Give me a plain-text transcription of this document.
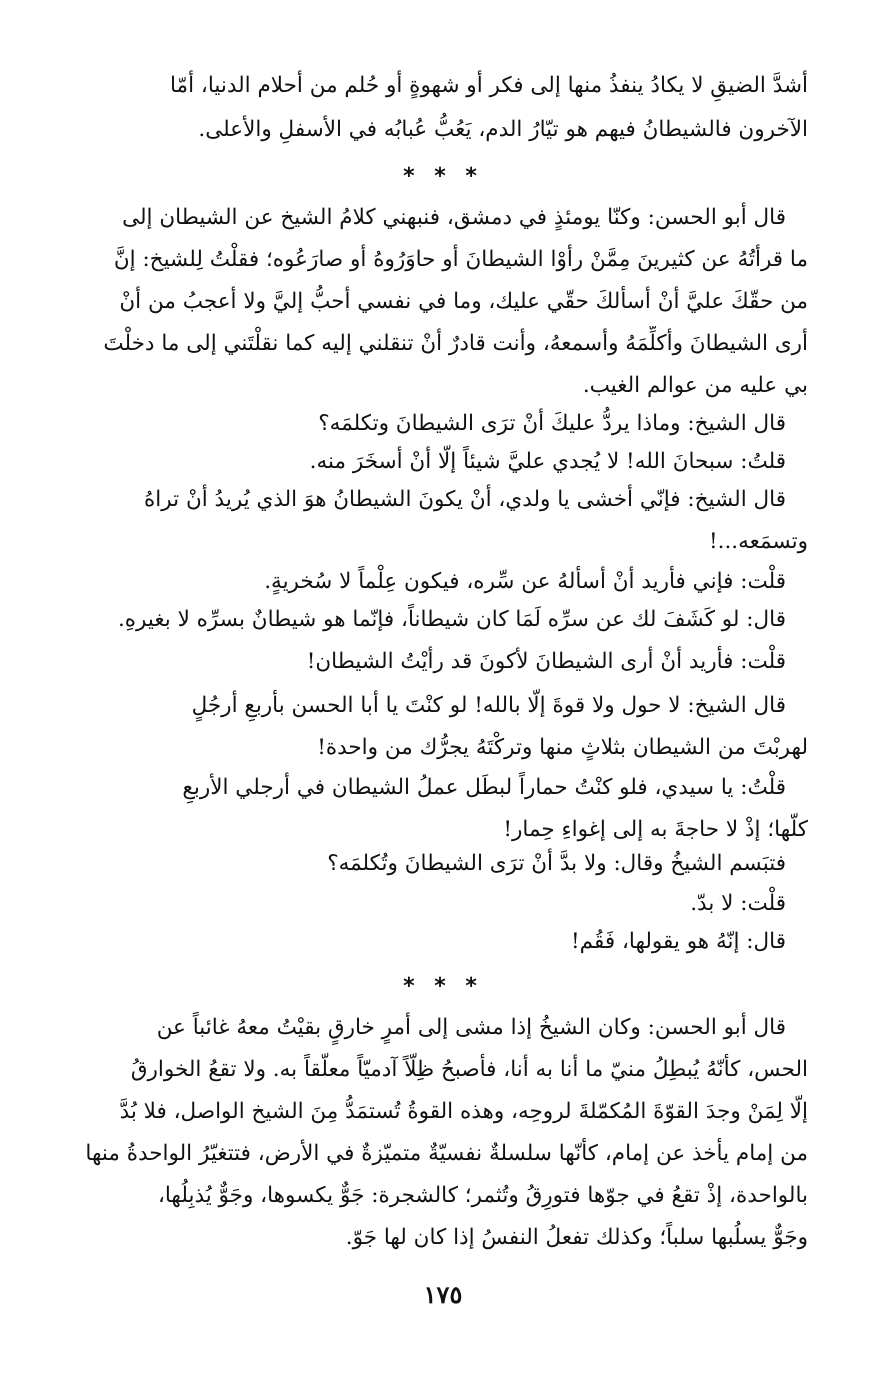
أشدَّ الضيقِ لا يكادُ ينفذُ منها إلى فكر أو شهوةٍ أو حُلم من أحلام الدنيا، أمّا
الآخرون فالشيطانُ فيهم هو تيّارُ الدم، يَعُبُّ عُبابُه في الأسفلِ والأعلى.
* * *
قال أبو الحسن: وكنّا يومئذٍ في دمشق، فنبهني كلامُ الشيخ عن الشيطان إلى
ما قرأتُهُ عن كثيرينَ مِمَّنْ رأوْا الشيطانَ أو حاوَرُوهُ أو صارَعُوه؛ فقلْتُ لِلشيخ: إنَّ
من حقّكَ عليَّ أنْ أسألكَ حقّي عليك، وما في نفسي أحبُّ إليَّ ولا أعجبُ من أنْ
أرى الشيطانَ وأكلِّمَهُ وأسمعهُ، وأنت قادرٌ أنْ تنقلني إليه كما نقلْتَني إلى ما دخلْتَ
بي عليه من عوالم الغيب.
قال الشيخ: وماذا يردُّ عليكَ أنْ ترَى الشيطانَ وتكلمَه؟
قلتُ: سبحانَ الله! لا يُجدي عليَّ شيئاً إلّا أنْ أسخَرَ منه.
قال الشيخ: فإنّي أخشى يا ولدي، أنْ يكونَ الشيطانُ هوَ الذي يُريدُ أنْ تراهُ
وتسمَعه...!
قلْت: فإني فأريد أنْ أسألهُ عن سِّره، فيكون عِلْماً لا سُخريةٍ.
قال: لو كَشَفَ لك عن سرِّه لَمَا كان شيطاناً، فإنّما هو شيطانٌ بسرِّه لا بغيرهِ.
قلْت: فأريد أنْ أرى الشيطانَ لأكونَ قد رأيْتُ الشيطان!
قال الشيخ: لا حول ولا قوةَ إلّا بالله! لو كنْتَ يا أبا الحسن بأربعِ أرجُلٍ
لهربْتَ من الشيطان بثلاثٍ منها وتركْتَهُ يجرُّك من واحدة!
قلْتُ: يا سيدي، فلو كنْتُ حماراً لبطَل عملُ الشيطان في أرجلي الأربعِ
كلّها؛ إذْ لا حاجةَ به إلى إغواءِ حِمار!
فتبَسم الشيخُ وقال: ولا بدَّ أنْ ترَى الشيطانَ وتُكلمَه؟
قلْت: لا بدّ.
قال: إنّهُ هو يقولها، فَقُم!
* * *
قال أبو الحسن: وكان الشيخُ إذا مشى إلى أمرٍ خارقٍ بقيْتُ معهُ غائباً عن
الحس، كأنّهُ يُبطِلُ منيّ ما أنا به أنا، فأصبحُ ظِلّاً آدميّاً معلّقاً به. ولا تقعُ الخوارقُ
إلّا لِمَنْ وجدَ القوّةَ المُكمّلةَ لروحِه، وهذه القوةُ تُستمَدُّ مِنَ الشيخ الواصل، فلا بُدَّ
من إمام يأخذ عن إمام، كأنّها سلسلةٌ نفسيّةٌ متميّزةٌ في الأرض، فتتغيّرُ الواحدةُ منها
بالواحدة، إذْ تقعُ في جوّها فتورِقُ وتُثمر؛ كالشجرة: جَوٌّ يكسوها، وجَوٌّ يُذبِلُها،
وجَوٌّ يسلُبها سلباً؛ وكذلك تفعلُ النفسُ إذا كان لها جَوّ.
١٧٥
